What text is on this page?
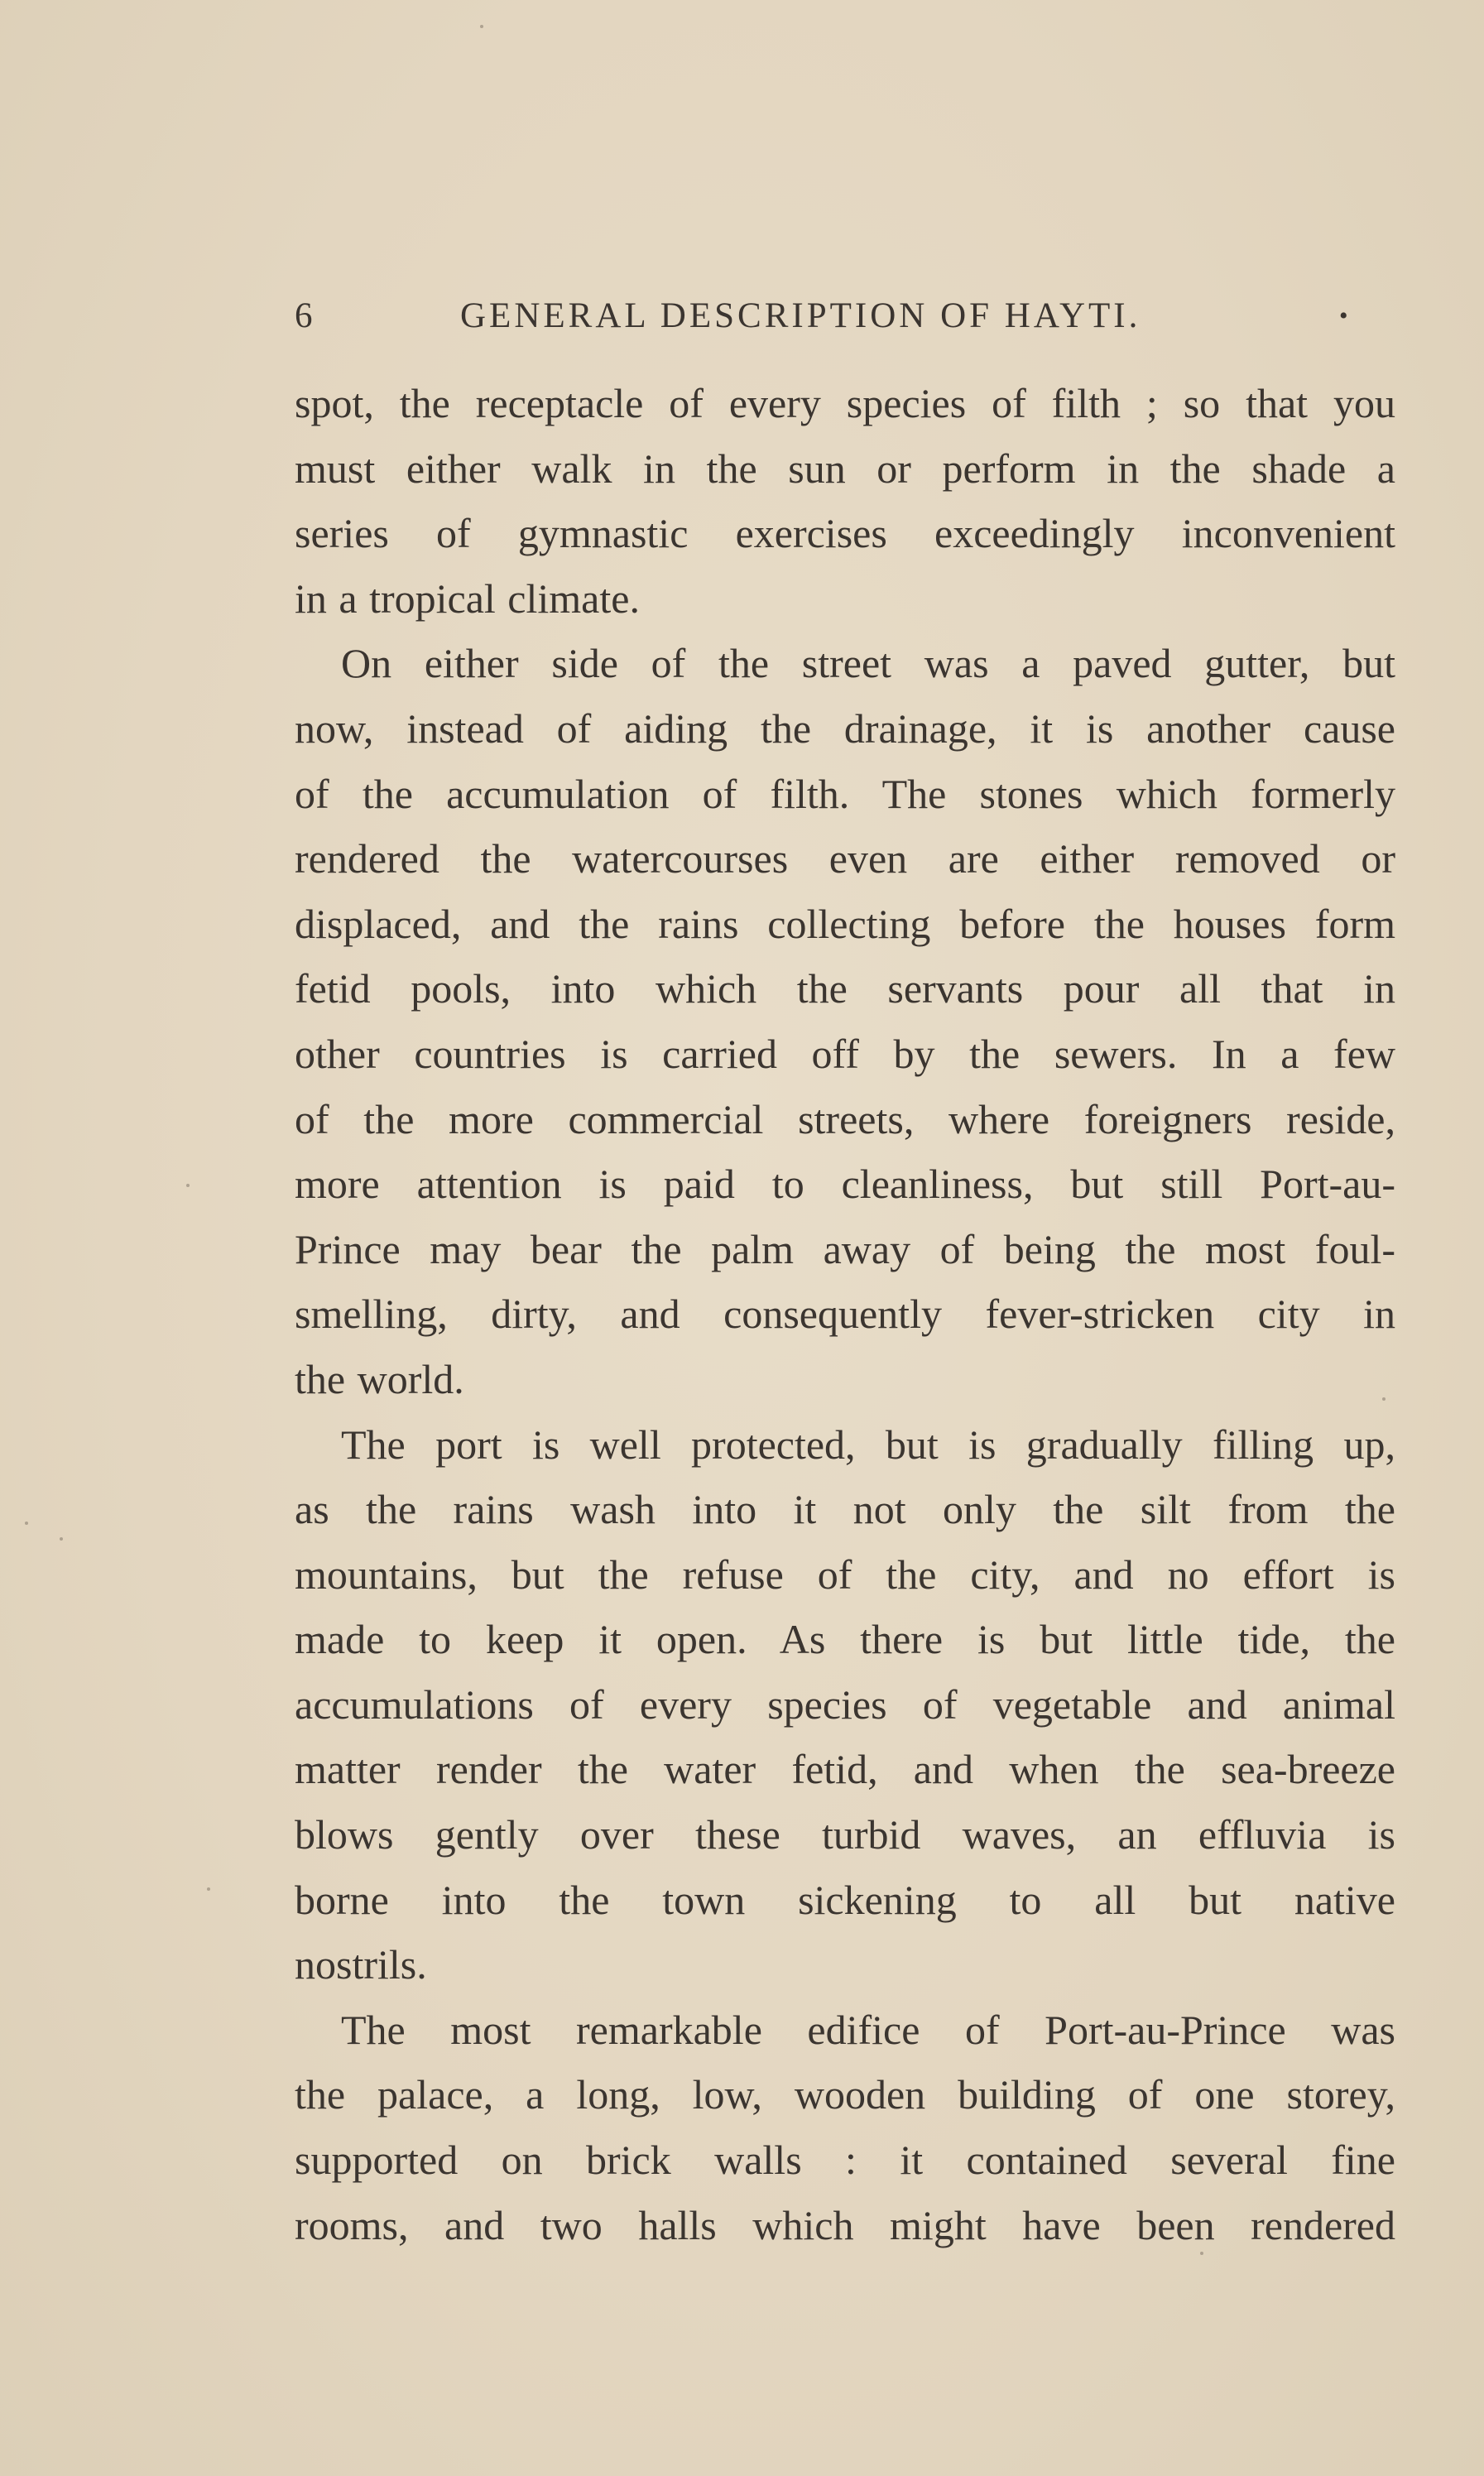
6	GENERAL DESCRIPTION OF HAYTI.	•
spot, the receptacle of every species of filth ; so that you
must either walk in the sun or perform in the shade a
series of gymnastic exercises exceedingly inconvenient
in a tropical climate.
On either side of the street was a paved gutter, but
now, instead of aiding the drainage, it is another cause
of the accumulation of filth. The stones which formerly
rendered the watercourses even are either removed or
displaced, and the rains collecting before the houses form
fetid pools, into which the servants pour all that in
other countries is carried off by the sewers. In a few
of the more commercial streets, where foreigners reside,
more attention is paid to cleanliness, but still Port-au-
Prince may bear the palm away of being the most foul-
smelling, dirty, and consequently fever-stricken city in
the world.
The port is well protected, but is gradually filling up,
as the rains wash into it not only the silt from the
mountains, but the refuse of the city, and no effort is
made to keep it open. As there is but little tide, the
accumulations of every species of vegetable and animal
matter render the water fetid, and when the sea-breeze
blows gently over these turbid waves, an effluvia is
borne into the town sickening to all but native
nostrils.
The most remarkable edifice of Port-au-Prince was
the palace, a long, low, wooden building of one storey,
supported on brick walls : it contained several fine
rooms, and two halls which might have been rendered
